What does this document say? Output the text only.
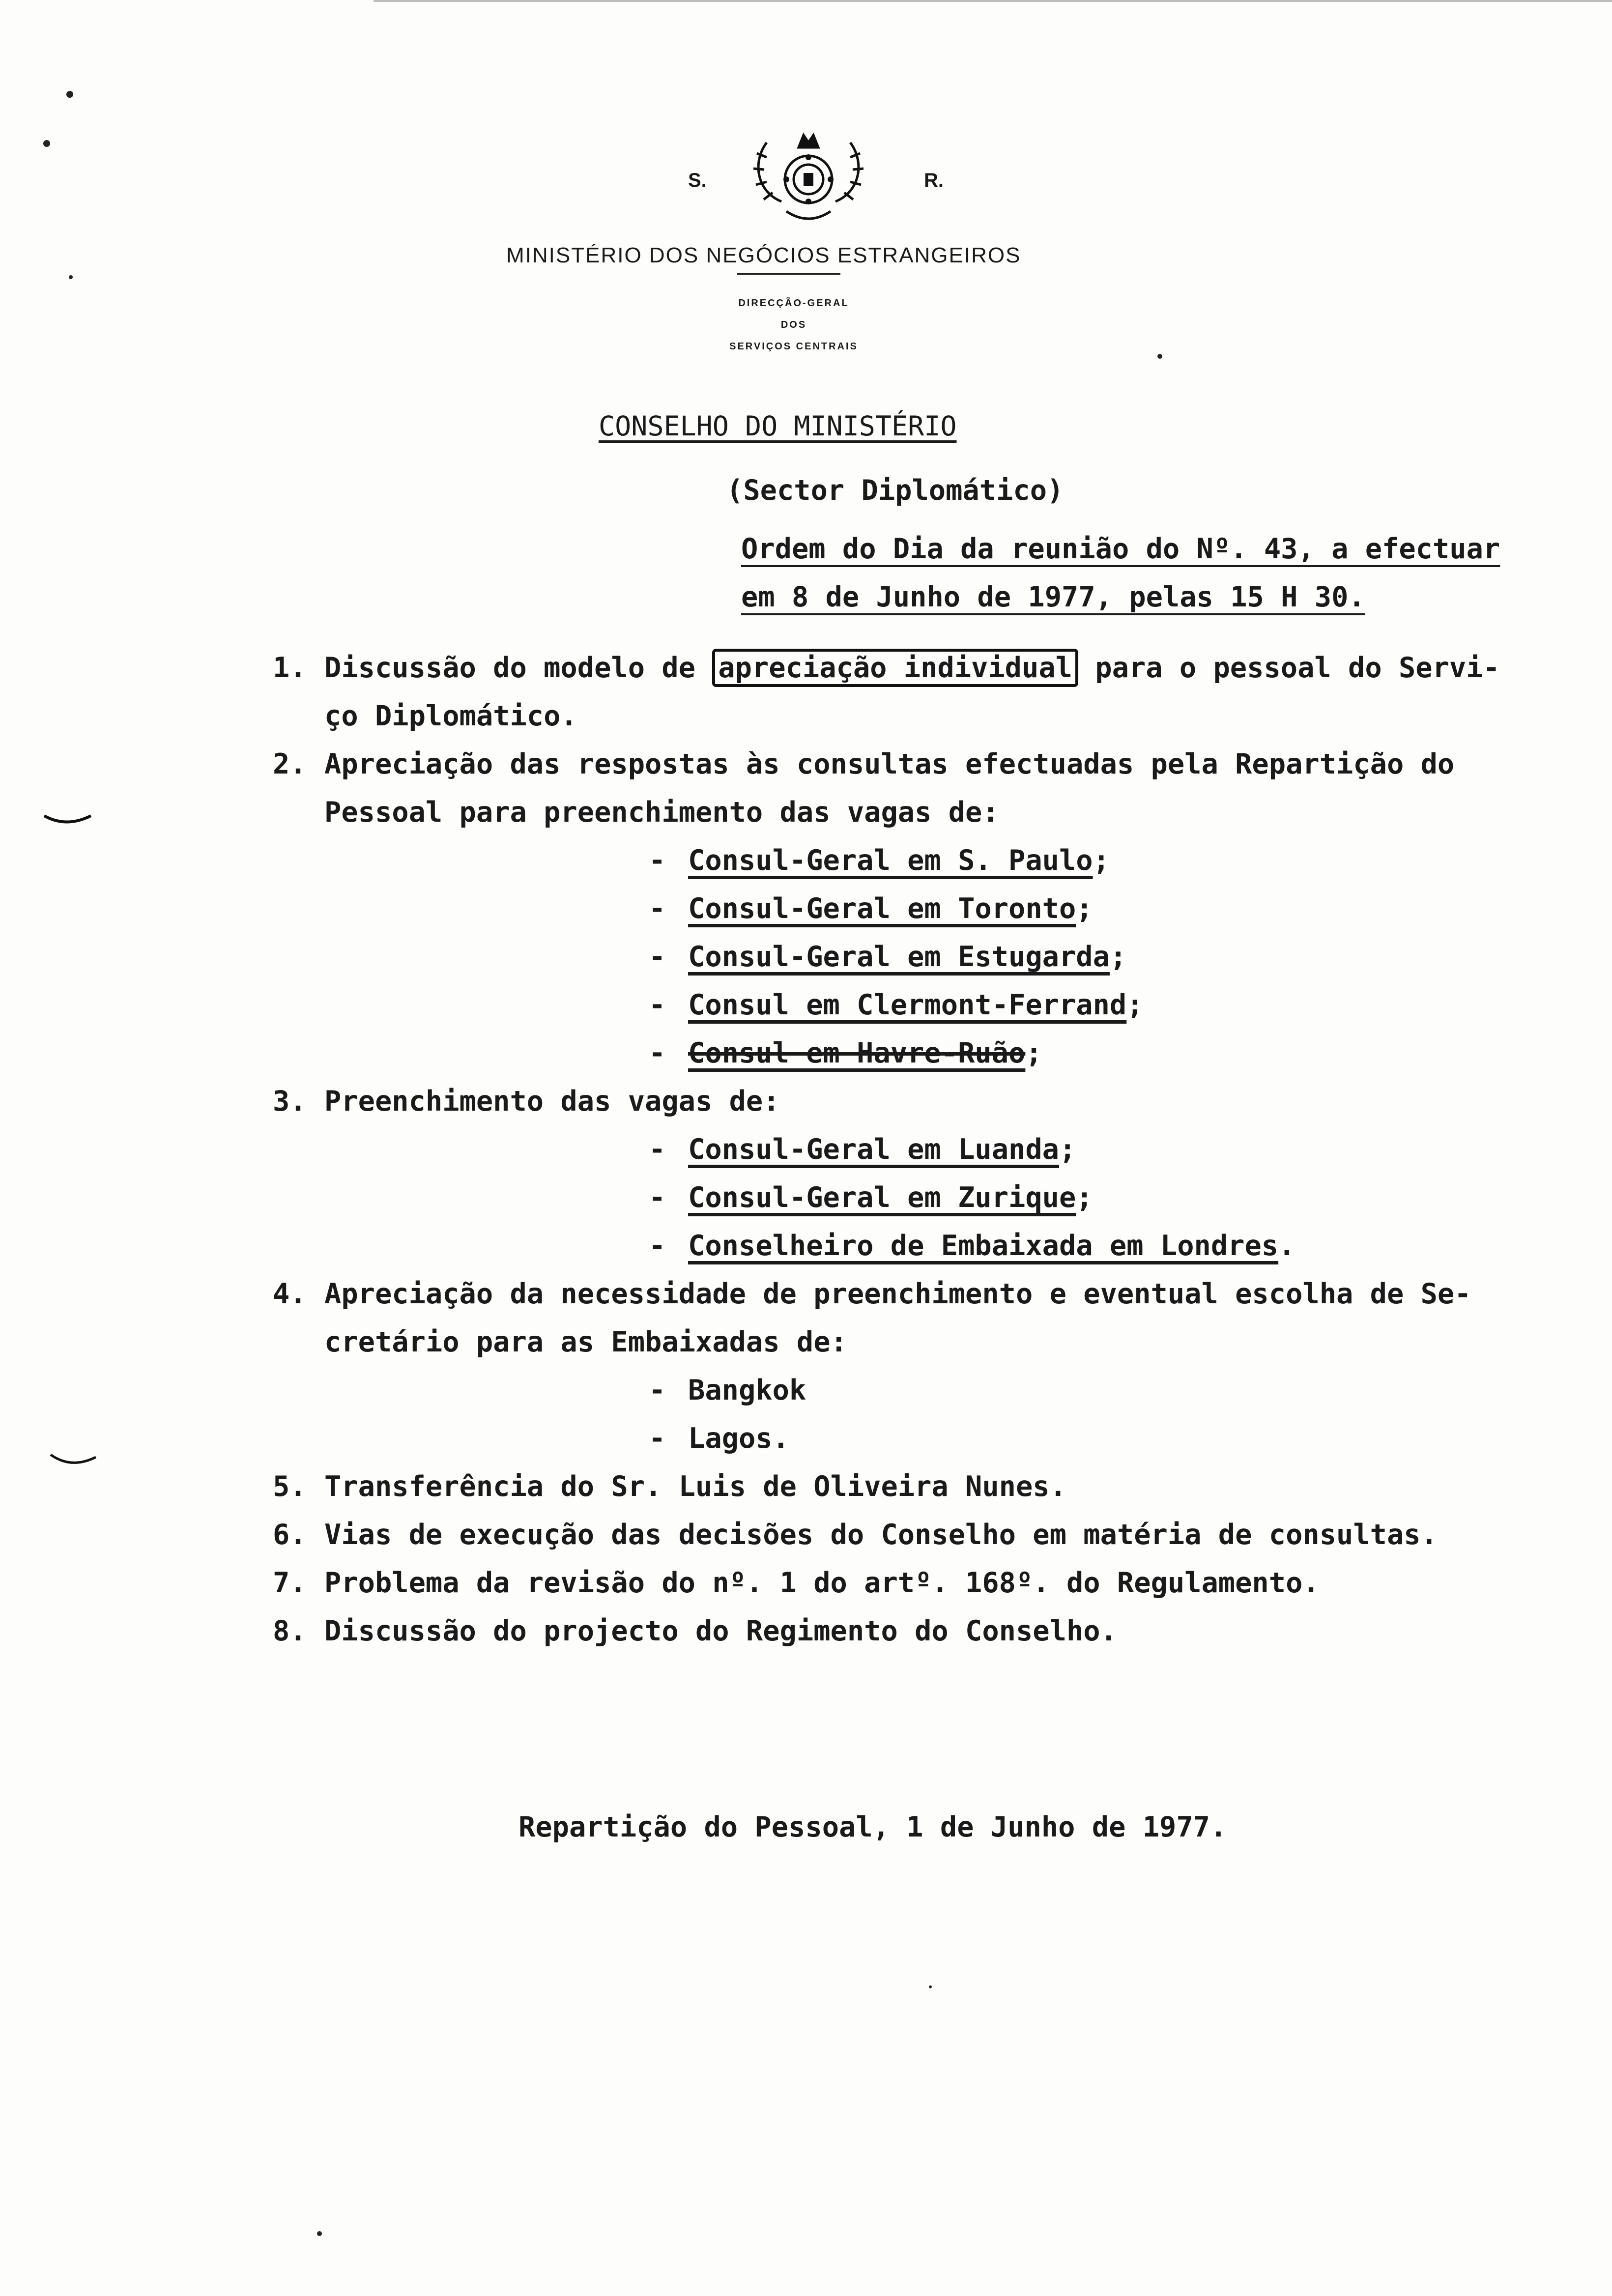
S.	R.
MINISTÉRIO DOS NEGÓCIOS ESTRANGEIROS
DIRECÇÃO-GERAL
DOS
SERVIÇOS CENTRAIS
CONSELHO DO MINISTÉRIO
(Sector Diplomático)
Ordem do Dia da reunião do Nº. 43, a efectuar
em 8 de Junho de 1977, pelas 15 H 30.
1. Discussão do modelo de apreciação individual para o pessoal do Servi-
ço Diplomático.
2. Apreciação das respostas às consultas efectuadas pela Repartição do
Pessoal para preenchimento das vagas de:
- Consul-Geral em S. Paulo;
- Consul-Geral em Toronto;
- Consul-Geral em Estugarda;
- Consul em Clermont-Ferrand;
- Consul em Havre-Ruão;
3. Preenchimento das vagas de:
- Consul-Geral em Luanda;
- Consul-Geral em Zurique;
- Conselheiro de Embaixada em Londres.
4. Apreciação da necessidade de preenchimento e eventual escolha de Se-
cretário para as Embaixadas de:
- Bangkok
- Lagos.
5. Transferência do Sr. Luis de Oliveira Nunes.
6. Vias de execução das decisões do Conselho em matéria de consultas.
7. Problema da revisão do nº. 1 do artº. 168º. do Regulamento.
8. Discussão do projecto do Regimento do Conselho.
Repartição do Pessoal, 1 de Junho de 1977.
